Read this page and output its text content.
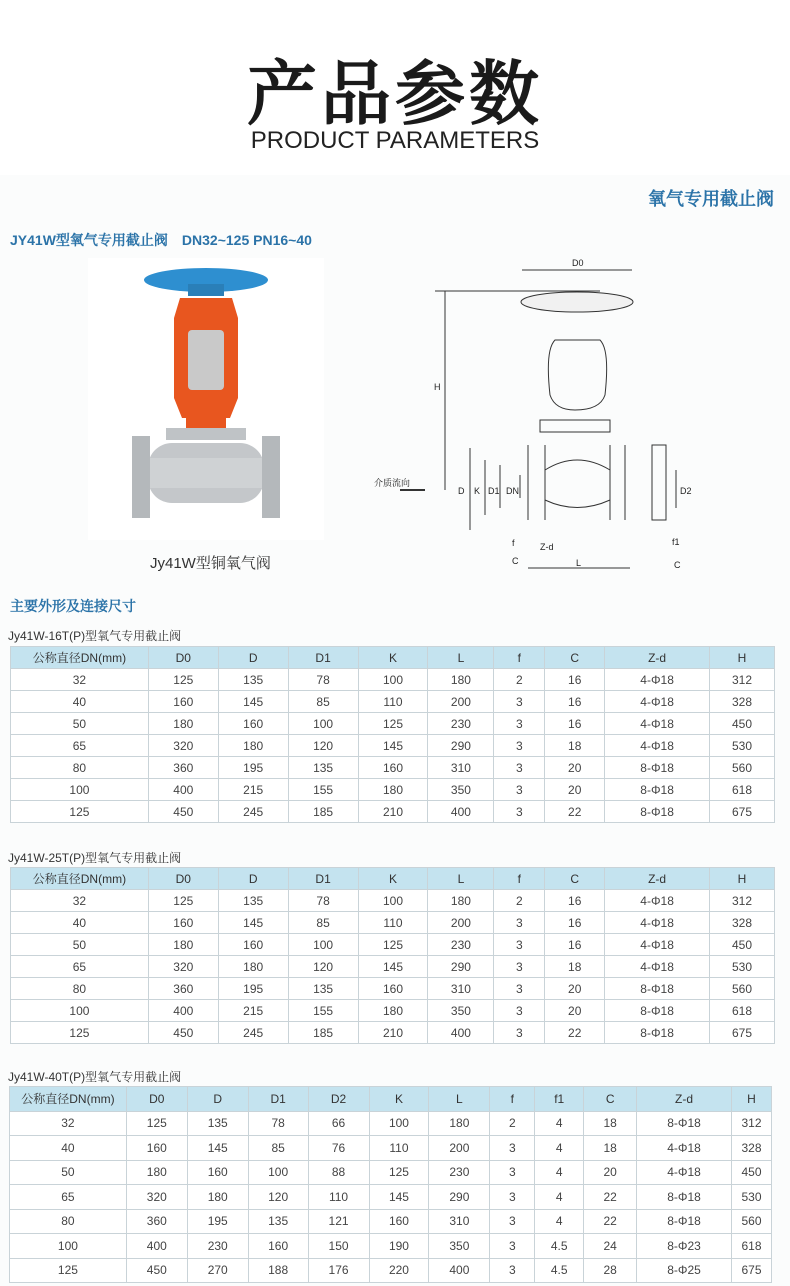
产品参数
PRODUCT PARAMETERS
氧气专用截止阀
JY41W型氧气专用截止阀　DN32~125 PN16~40
Jy41W型铜氧气阀
D0
H
介质流向
D K D1 DN
Z-d
f
C	L
D2
f1
C
主要外形及连接尺寸
Jy41W-16T(P)型氧气专用截止阀
公称直径DN(mm)	D0	D	D1	K	L	f	C	Z-d	H
32	125	135	78	100	180	2	16	4-Φ18	312
40	160	145	85	110	200	3	16	4-Φ18	328
50	180	160	100	125	230	3	16	4-Φ18	450
65	320	180	120	145	290	3	18	4-Φ18	530
80	360	195	135	160	310	3	20	8-Φ18	560
100	400	215	155	180	350	3	20	8-Φ18	618
125	450	245	185	210	400	3	22	8-Φ18	675
Jy41W-25T(P)型氧气专用截止阀
公称直径DN(mm)	D0	D	D1	K	L	f	C	Z-d	H
32	125	135	78	100	180	2	16	4-Φ18	312
40	160	145	85	110	200	3	16	4-Φ18	328
50	180	160	100	125	230	3	16	4-Φ18	450
65	320	180	120	145	290	3	18	4-Φ18	530
80	360	195	135	160	310	3	20	8-Φ18	560
100	400	215	155	180	350	3	20	8-Φ18	618
125	450	245	185	210	400	3	22	8-Φ18	675
Jy41W-40T(P)型氧气专用截止阀
公称直径DN(mm)	D0	D	D1	D2	K	L	f	f1	C	Z-d	H
32	125	135	78	66	100	180	2	4	18	8-Φ18	312
40	160	145	85	76	110	200	3	4	18	4-Φ18	328
50	180	160	100	88	125	230	3	4	20	4-Φ18	450
65	320	180	120	110	145	290	3	4	22	8-Φ18	530
80	360	195	135	121	160	310	3	4	22	8-Φ18	560
100	400	230	160	150	190	350	3	4.5	24	8-Φ23	618
125	450	270	188	176	220	400	3	4.5	28	8-Φ25	675
